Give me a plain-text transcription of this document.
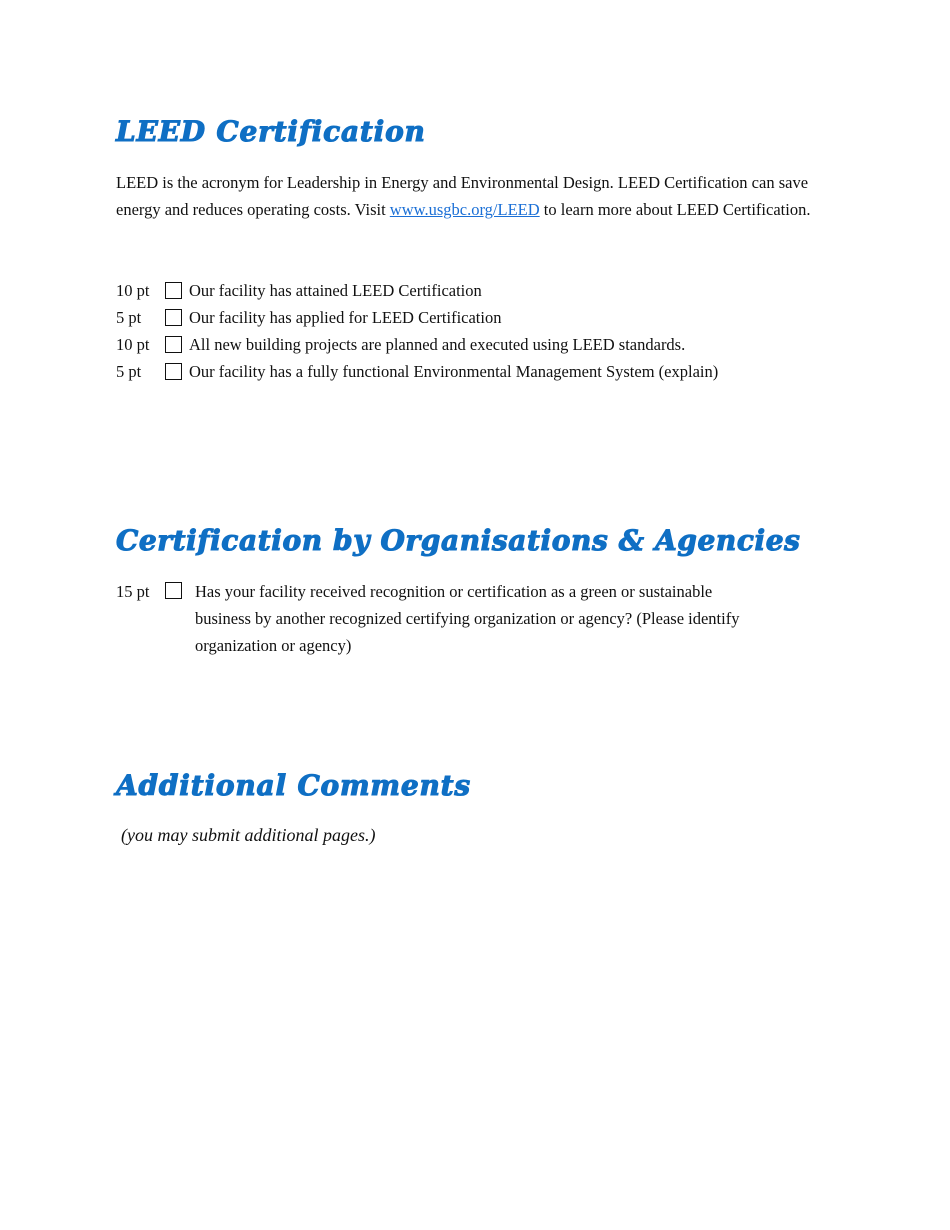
LEED Certification

LEED is the acronym for Leadership in Energy and Environmental Design. LEED Certification can save energy and reduces operating costs. Visit www.usgbc.org/LEED to learn more about LEED Certification.

10 pt	Our facility has attained LEED Certification
5 pt	Our facility has applied for LEED Certification
10 pt	All new building projects are planned and executed using LEED standards.
5 pt	Our facility has a fully functional Environmental Management System (explain)
Certification by Organisations & Agencies
15 pt	Has your facility received recognition or certification as a green or sustainable business by another recognized certifying organization or agency? (Please identify organization or agency)
Additional Comments

(you may submit additional pages.)
